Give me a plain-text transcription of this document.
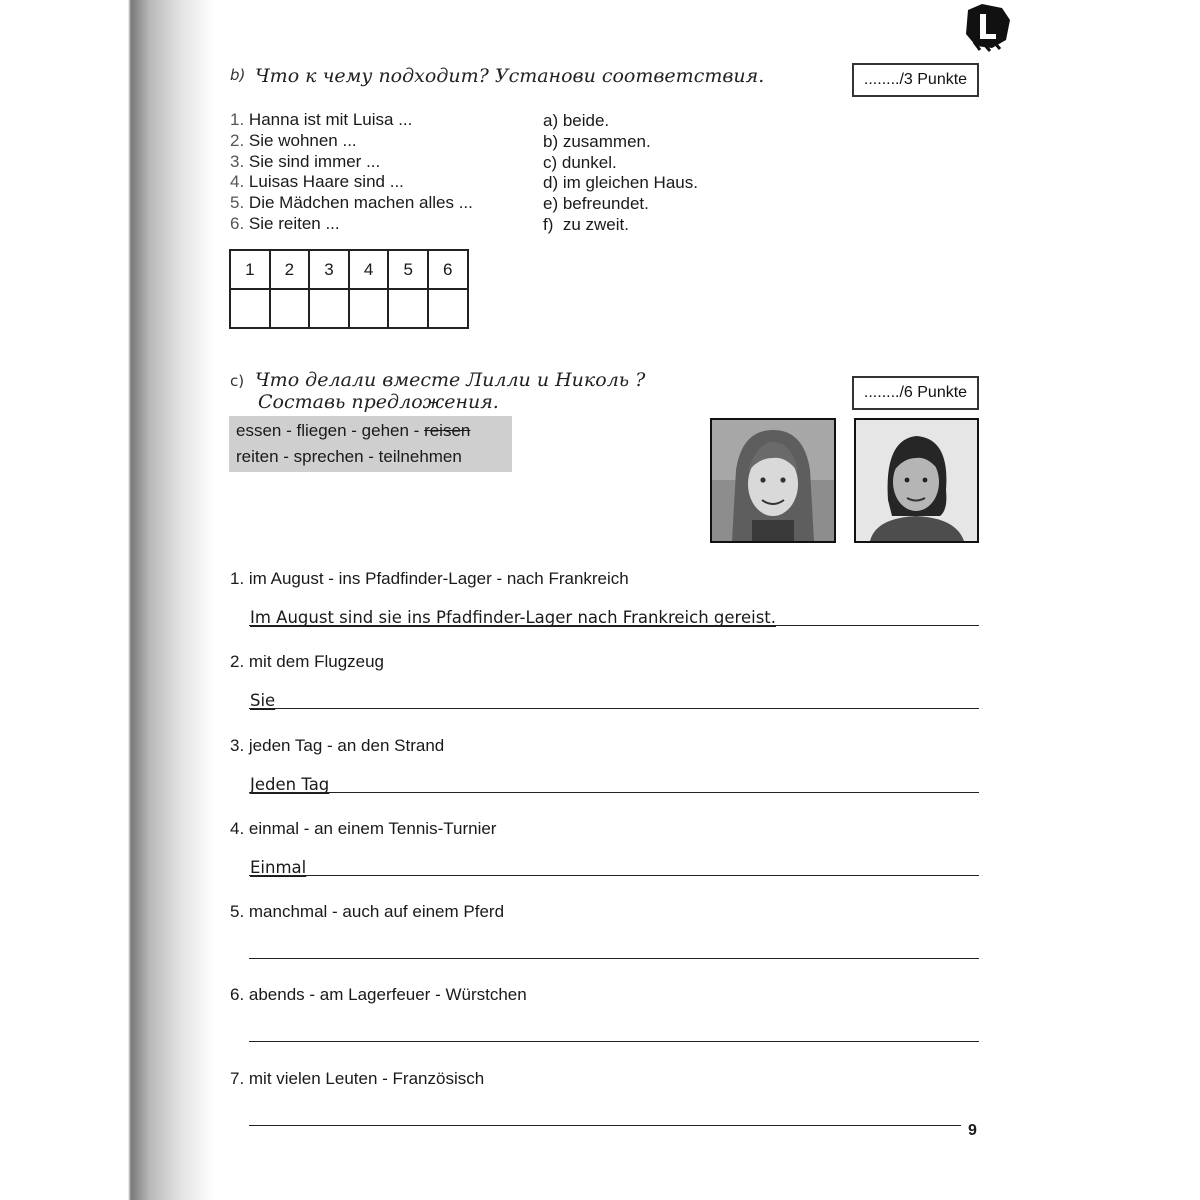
b) Что к чему подходит? Установи соответствия.	......../3 Punkte
1. Hanna ist mit Luisa ...
2. Sie wohnen ...
3. Sie sind immer ...
4. Luisas Haare sind ...
5. Die Mädchen machen alles ...
6. Sie reiten ...
a) beide.
b) zusammen.
c) dunkel.
d) im gleichen Haus.
e) befreundet.
f)  zu zweit.
1	2	3	4	5	6

c) Что делали вместе Лилли и Николь ?
Составь предложения.	......../6 Punkte
essen - fliegen - gehen - reisen
reiten - sprechen - teilnehmen
1. im August - ins Pfadfinder-Lager - nach Frankreich
Im August sind sie ins Pfadfinder-Lager nach Frankreich gereist.
2. mit dem Flugzeug
Sie
3. jeden Tag - an den Strand
Jeden Tag
4. einmal - an einem Tennis-Turnier
Einmal
5. manchmal - auch auf einem Pferd
6. abends - am Lagerfeuer - Würstchen
7. mit vielen Leuten - Französisch
9
